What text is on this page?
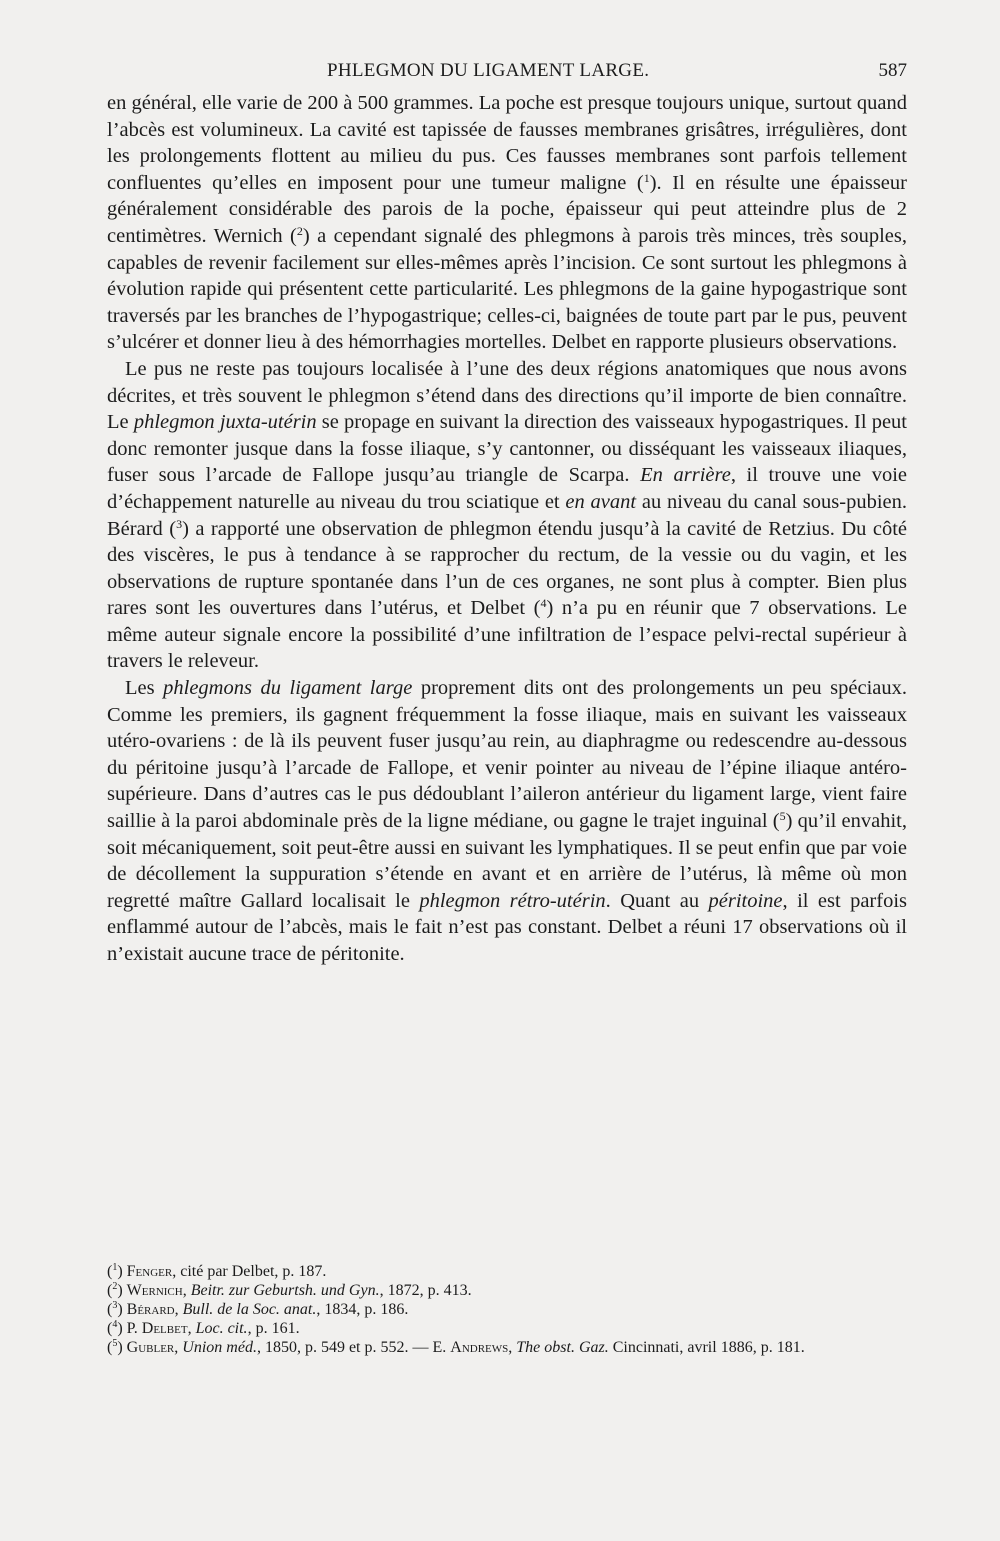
PHLEGMON DU LIGAMENT LARGE.	587

en général, elle varie de 200 à 500 grammes. La poche est presque toujours unique, surtout quand l’abcès est volumineux. La cavité est tapissée de fausses membranes grisâtres, irrégulières, dont les prolongements flottent au milieu du pus. Ces fausses membranes sont parfois tellement confluentes qu’elles en imposent pour une tumeur maligne ($^1$). Il en résulte une épaisseur généralement considérable des parois de la poche, épaisseur qui peut atteindre plus de 2 centimètres. Wernich ($^2$) a cependant signalé des phlegmons à parois très minces, très souples, capables de revenir facilement sur elles-mêmes après l’incision. Ce sont surtout les phlegmons à évolution rapide qui présentent cette particularité. Les phlegmons de la gaine hypogastrique sont traversés par les branches de l’hypogastrique; celles-ci, baignées de toute part par le pus, peuvent s’ulcérer et donner lieu à des hémorrhagies mortelles. Delbet en rapporte plusieurs observations.

Le pus ne reste pas toujours localisée à l’une des deux régions anatomiques que nous avons décrites, et très souvent le phlegmon s’étend dans des directions qu’il importe de bien connaître. Le phlegmon juxta-utérin se propage en suivant la direction des vaisseaux hypogastriques. Il peut donc remonter jusque dans la fosse iliaque, s’y cantonner, ou disséquant les vaisseaux iliaques, fuser sous l’arcade de Fallope jusqu’au triangle de Scarpa. En arrière, il trouve une voie d’échappement naturelle au niveau du trou sciatique et en avant au niveau du canal sous-pubien. Bérard ($^3$) a rapporté une observation de phlegmon étendu jusqu’à la cavité de Retzius. Du côté des viscères, le pus à tendance à se rapprocher du rectum, de la vessie ou du vagin, et les observations de rupture spontanée dans l’un de ces organes, ne sont plus à compter. Bien plus rares sont les ouvertures dans l’utérus, et Delbet ($^4$) n’a pu en réunir que 7 observations. Le même auteur signale encore la possibilité d’une infiltration de l’espace pelvi-rectal supérieur à travers le releveur.

Les phlegmons du ligament large proprement dits ont des prolongements un peu spéciaux. Comme les premiers, ils gagnent fréquemment la fosse iliaque, mais en suivant les vaisseaux utéro-ovariens : de là ils peuvent fuser jusqu’au rein, au diaphragme ou redescendre au-dessous du péritoine jusqu’à l’arcade de Fallope, et venir pointer au niveau de l’épine iliaque antéro-supérieure. Dans d’autres cas le pus dédoublant l’aileron antérieur du ligament large, vient faire saillie à la paroi abdominale près de la ligne médiane, ou gagne le trajet inguinal ($^5$) qu’il envahit, soit mécaniquement, soit peut-être aussi en suivant les lymphatiques. Il se peut enfin que par voie de décollement la suppuration s’étende en avant et en arrière de l’utérus, là même où mon regretté maître Gallard localisait le phlegmon rétro-utérin. Quant au péritoine, il est parfois enflammé autour de l’abcès, mais le fait n’est pas constant. Delbet a réuni 17 observations où il n’existait aucune trace de péritonite.

($^1$) Fenger, cité par Delbet, p. 187.

($^2$) Wernich, Beitr. zur Geburtsh. und Gyn., 1872, p. 413.

($^3$) Bérard, Bull. de la Soc. anat., 1834, p. 186.

($^4$) P. Delbet, Loc. cit., p. 161.

($^5$) Gubler, Union méd., 1850, p. 549 et p. 552. — E. Andrews, The obst. Gaz. Cincinnati, avril 1886, p. 181.
